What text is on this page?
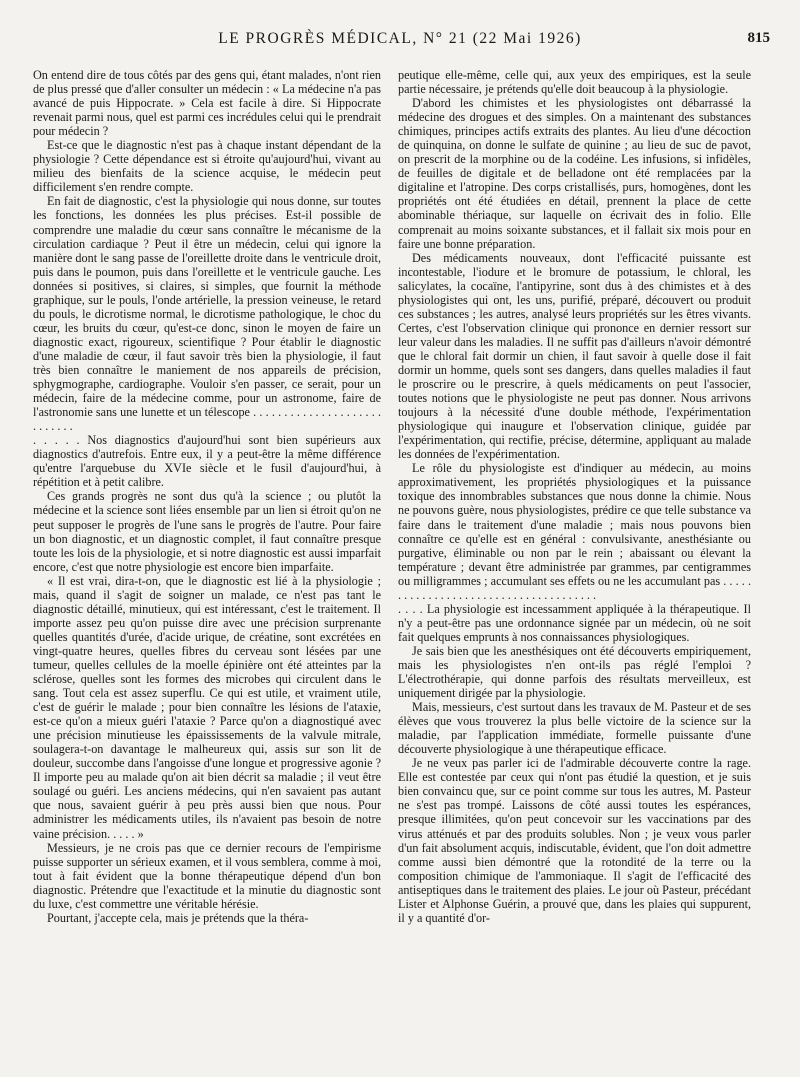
LE PROGRÈS MÉDICAL, N° 21 (22 Mai 1926)	815

On entend dire de tous côtés par des gens qui, étant malades, n'ont rien de plus pressé que d'aller consulter un médecin : « La médecine n'a pas avancé de puis Hippocrate. » Cela est facile à dire. Si Hippocrate revenait parmi nous, quel est parmi ces incrédules celui qui le prendrait pour médecin ?

Est-ce que le diagnostic n'est pas à chaque instant dépendant de la physiologie ? Cette dépendance est si étroite qu'aujourd'hui, vivant au milieu des bienfaits de la science acquise, le médecin peut difficilement s'en rendre compte.

En fait de diagnostic, c'est la physiologie qui nous donne, sur toutes les fonctions, les données les plus précises. Est-il possible de comprendre une maladie du cœur sans connaître le mécanisme de la circulation cardiaque ? Peut il être un médecin, celui qui ignore la manière dont le sang passe de l'oreillette droite dans le ventricule droit, puis dans le poumon, puis dans l'oreillette et le ventricule gauche. Les données si positives, si claires, si simples, que fournit la méthode graphique, sur le pouls, l'onde artérielle, la pression veineuse, le retard du pouls, le dicrotisme normal, le dicrotisme pathologique, le choc du cœur, les bruits du cœur, qu'est-ce donc, sinon le moyen de faire un diagnostic exact, rigoureux, scientifique ? Pour établir le diagnostic d'une maladie de cœur, il faut savoir très bien la physiologie, il faut très bien connaître le maniement de nos appareils de précision, sphygmographe, cardiographe. Vouloir s'en passer, ce serait, pour un médecin, faire de la médecine comme, pour un astronome, faire de l'astronomie sans une lunette et un télescope . . . . . . . . . . . . . . . . . . . . . . . . . . . .

. . . . . Nos diagnostics d'aujourd'hui sont bien supérieurs aux diagnostics d'autrefois. Entre eux, il y a peut-être la même différence qu'entre l'arquebuse du XVIe siècle et le fusil d'aujourd'hui, à répétition et à petit calibre.

Ces grands progrès ne sont dus qu'à la science ; ou plutôt la médecine et la science sont liées ensemble par un lien si étroit qu'on ne peut supposer le progrès de l'une sans le progrès de l'autre. Pour faire un bon diagnostic, et un diagnostic complet, il faut connaître presque toute les lois de la physiologie, et si notre diagnostic est aussi imparfait encore, c'est que notre physiologie est encore bien imparfaite.

« Il est vrai, dira-t-on, que le diagnostic est lié à la physiologie ; mais, quand il s'agit de soigner un malade, ce n'est pas tant le diagnostic détaillé, minutieux, qui est intéressant, c'est le traitement. Il importe assez peu qu'on puisse dire avec une précision surprenante quelles quantités d'urée, d'acide urique, de créatine, sont excrétées en vingt-quatre heures, quelles fibres du cerveau sont lésées par une tumeur, quelles cellules de la moelle épinière ont été atteintes par la sclérose, quelles sont les formes des microbes qui circulent dans le sang. Tout cela est assez superflu. Ce qui est utile, et vraiment utile, c'est de guérir le malade ; pour bien connaître les lésions de l'ataxie, est-ce qu'on a mieux guéri l'ataxie ? Parce qu'on a diagnostiqué avec une précision minutieuse les épaississements de la valvule mitrale, soulagera-t-on davantage le malheureux qui, assis sur son lit de douleur, succombe dans l'angoisse d'une longue et progressive agonie ? Il importe peu au malade qu'on ait bien décrit sa maladie ; il veut être soulagé ou guéri. Les anciens médecins, qui n'en savaient pas autant que nous, savaient guérir à peu près aussi bien que nous. Pour administrer les médicaments utiles, ils n'avaient pas besoin de notre vaine précision. . . . . »

Messieurs, je ne crois pas que ce dernier recours de l'empirisme puisse supporter un sérieux examen, et il vous semblera, comme à moi, tout à fait évident que la bonne thérapeutique dépend d'un bon diagnostic. Prétendre que l'exactitude et la minutie du diagnostic sont du luxe, c'est commettre une véritable hérésie.

Pourtant, j'accepte cela, mais je prétends que la théra-

peutique elle-même, celle qui, aux yeux des empiriques, est la seule partie nécessaire, je prétends qu'elle doit beaucoup à la physiologie.

D'abord les chimistes et les physiologistes ont débarrassé la médecine des drogues et des simples. On a maintenant des substances chimiques, principes actifs extraits des plantes. Au lieu d'une décoction de quinquina, on donne le sulfate de quinine ; au lieu de suc de pavot, on prescrit de la morphine ou de la codéine. Les infusions, si infidèles, de feuilles de digitale et de belladone ont été remplacées par la digitaline et l'atropine. Des corps cristallisés, purs, homogènes, dont les propriétés ont été étudiées en détail, prennent la place de cette abominable thériaque, sur laquelle on écrivait des in folio. Elle comprenait au moins soixante substances, et il fallait six mois pour en faire une bonne préparation.

Des médicaments nouveaux, dont l'efficacité puissante est incontestable, l'iodure et le bromure de potassium, le chloral, les salicylates, la cocaïne, l'antipyrine, sont dus à des chimistes et à des physiologistes qui ont, les uns, purifié, préparé, découvert ou produit ces substances ; les autres, analysé leurs propriétés sur les êtres vivants. Certes, c'est l'observation clinique qui prononce en dernier ressort sur leur valeur dans les maladies. Il ne suffit pas d'ailleurs n'avoir démontré que le chloral fait dormir un chien, il faut savoir à quelle dose il fait dormir un homme, quels sont ses dangers, dans quelles maladies il faut le proscrire ou le prescrire, à quels médicaments on peut l'associer, toutes notions que le physiologiste ne peut pas donner. Nous arrivons toujours à la nécessité d'une double méthode, l'expérimentation physiologique qui inaugure et l'observation clinique, guidée par l'expérimentation, qui rectifie, précise, détermine, appliquant au malade les données de l'expérimentation.

Le rôle du physiologiste est d'indiquer au médecin, au moins approximativement, les propriétés physiologiques et la puissance toxique des innombrables substances que nous donne la chimie. Nous ne pouvons guère, nous physiologistes, prédire ce que telle substance va faire dans le traitement d'une maladie ; mais nous pouvons bien connaître ce qu'elle est en général : convulsivante, anesthésiante ou purgative, éliminable ou non par le rein ; abaissant ou élevant la température ; devant être administrée par grammes, par centigrammes ou milligrammes ; accumulant ses effets ou ne les accumulant pas . . . . . . . . . . . . . . . . . . . . . . . . . . . . . . . . . . . . . .

. . . . La physiologie est incessamment appliquée à la thérapeutique. Il n'y a peut-être pas une ordonnance signée par un médecin, où ne soit fait quelques emprunts à nos connaissances physiologiques.

Je sais bien que les anesthésiques ont été découverts empiriquement, mais les physiologistes n'en ont-ils pas réglé l'emploi ? L'électrothérapie, qui donne parfois des résultats merveilleux, est uniquement dirigée par la physiologie.

Mais, messieurs, c'est surtout dans les travaux de M. Pasteur et de ses élèves que vous trouverez la plus belle victoire de la science sur la maladie, par l'application immédiate, formelle puissante d'une découverte physiologique à une thérapeutique efficace.

Je ne veux pas parler ici de l'admirable découverte contre la rage. Elle est contestée par ceux qui n'ont pas étudié la question, et je suis bien convaincu que, sur ce point comme sur tous les autres, M. Pasteur ne s'est pas trompé. Laissons de côté aussi toutes les espérances, presque illimitées, qu'on peut concevoir sur les vaccinations par des virus atténués et par des produits solubles. Non ; je veux vous parler d'un fait absolument acquis, indiscutable, évident, que l'on doit admettre comme aussi bien démontré que la rotondité de la terre ou la composition chimique de l'ammoniaque. Il s'agit de l'efficacité des antiseptiques dans le traitement des plaies. Le jour où Pasteur, précédant Lister et Alphonse Guérin, a prouvé que, dans les plaies qui suppurent, il y a quantité d'or-
